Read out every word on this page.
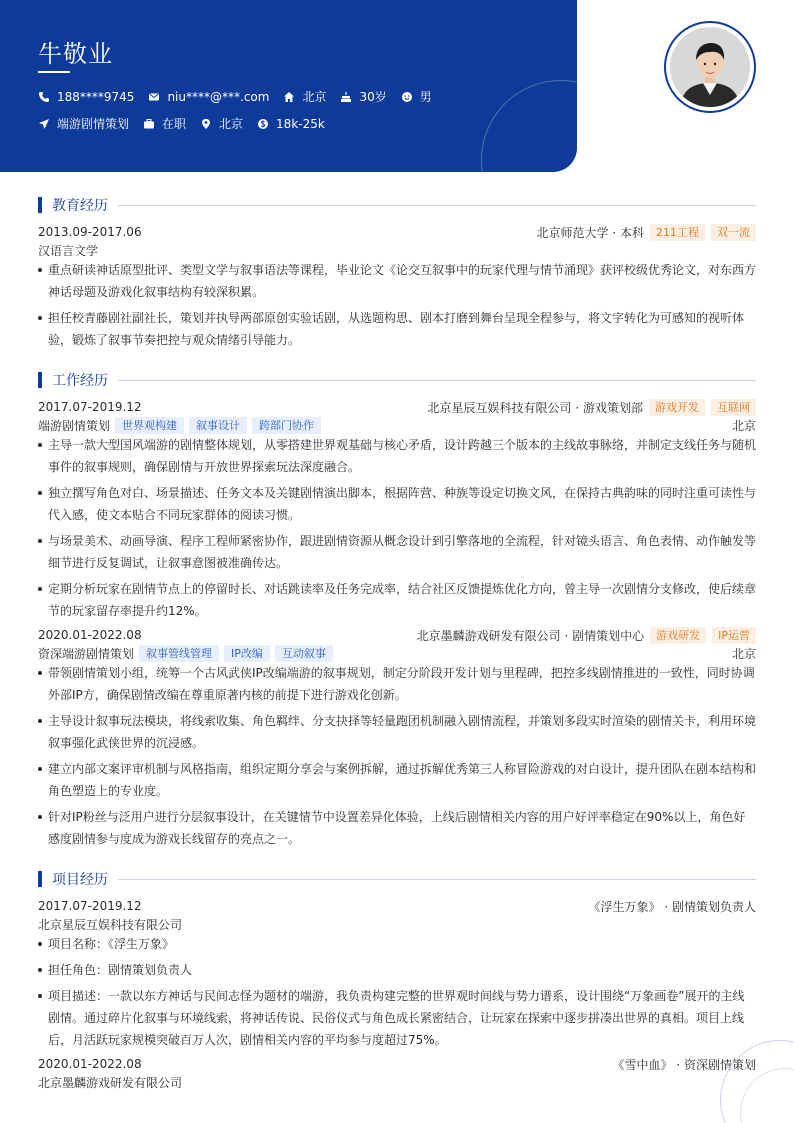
牛敬业
188****9745	niu****@***.com	北京	30岁	男
端游剧情策划	在职	北京	18k-25k
教育经历
2013.09-2017.06	北京师范大学 · 本科	211工程	双一流
汉语言文学
重点研读神话原型批评、类型文学与叙事语法等课程，毕业论文《论交互叙事中的玩家代理与情节涌现》获评校级优秀论文，对东西方神话母题及游戏化叙事结构有较深积累。
担任校青藤剧社副社长，策划并执导两部原创实验话剧，从选题构思、剧本打磨到舞台呈现全程参与，将文字转化为可感知的视听体验，锻炼了叙事节奏把控与观众情绪引导能力。
工作经历
2017.07-2019.12	北京星辰互娱科技有限公司 · 游戏策划部	游戏开发	互联网
端游剧情策划	世界观构建	叙事设计	跨部门协作	北京
主导一款大型国风端游的剧情整体规划，从零搭建世界观基础与核心矛盾，设计跨越三个版本的主线故事脉络，并制定支线任务与随机事件的叙事规则，确保剧情与开放世界探索玩法深度融合。
独立撰写角色对白、场景描述、任务文本及关键剧情演出脚本，根据阵营、种族等设定切换文风，在保持古典韵味的同时注重可读性与代入感，使文本贴合不同玩家群体的阅读习惯。
与场景美术、动画导演、程序工程师紧密协作，跟进剧情资源从概念设计到引擎落地的全流程，针对镜头语言、角色表情、动作触发等细节进行反复调试，让叙事意图被准确传达。
定期分析玩家在剧情节点上的停留时长、对话跳读率及任务完成率，结合社区反馈提炼优化方向，曾主导一次剧情分支修改，使后续章节的玩家留存率提升约12%。
2020.01-2022.08	北京墨麟游戏研发有限公司 · 剧情策划中心	游戏研发	IP运营
资深端游剧情策划	叙事管线管理	IP改编	互动叙事	北京
带领剧情策划小组，统筹一个古风武侠IP改编端游的叙事规划，制定分阶段开发计划与里程碑，把控多线剧情推进的一致性，同时协调外部IP方，确保剧情改编在尊重原著内核的前提下进行游戏化创新。
主导设计叙事玩法模块，将线索收集、角色羁绊、分支抉择等轻量跑团机制融入剧情流程，并策划多段实时渲染的剧情关卡，利用环境叙事强化武侠世界的沉浸感。
建立内部文案评审机制与风格指南，组织定期分享会与案例拆解，通过拆解优秀第三人称冒险游戏的对白设计，提升团队在剧本结构和角色塑造上的专业度。
针对IP粉丝与泛用户进行分层叙事设计，在关键情节中设置差异化体验，上线后剧情相关内容的用户好评率稳定在90%以上，角色好感度剧情参与度成为游戏长线留存的亮点之一。
项目经历
2017.07-2019.12	《浮生万象》 · 剧情策划负责人
北京星辰互娱科技有限公司
项目名称：《浮生万象》
担任角色：剧情策划负责人
项目描述：一款以东方神话与民间志怪为题材的端游，我负责构建完整的世界观时间线与势力谱系，设计围绕“万象画卷”展开的主线剧情。通过碎片化叙事与环境线索，将神话传说、民俗仪式与角色成长紧密结合，让玩家在探索中逐步拼凑出世界的真相。项目上线后，月活跃玩家规模突破百万人次，剧情相关内容的平均参与度超过75%。
2020.01-2022.08	《雪中血》 · 资深剧情策划
北京墨麟游戏研发有限公司
